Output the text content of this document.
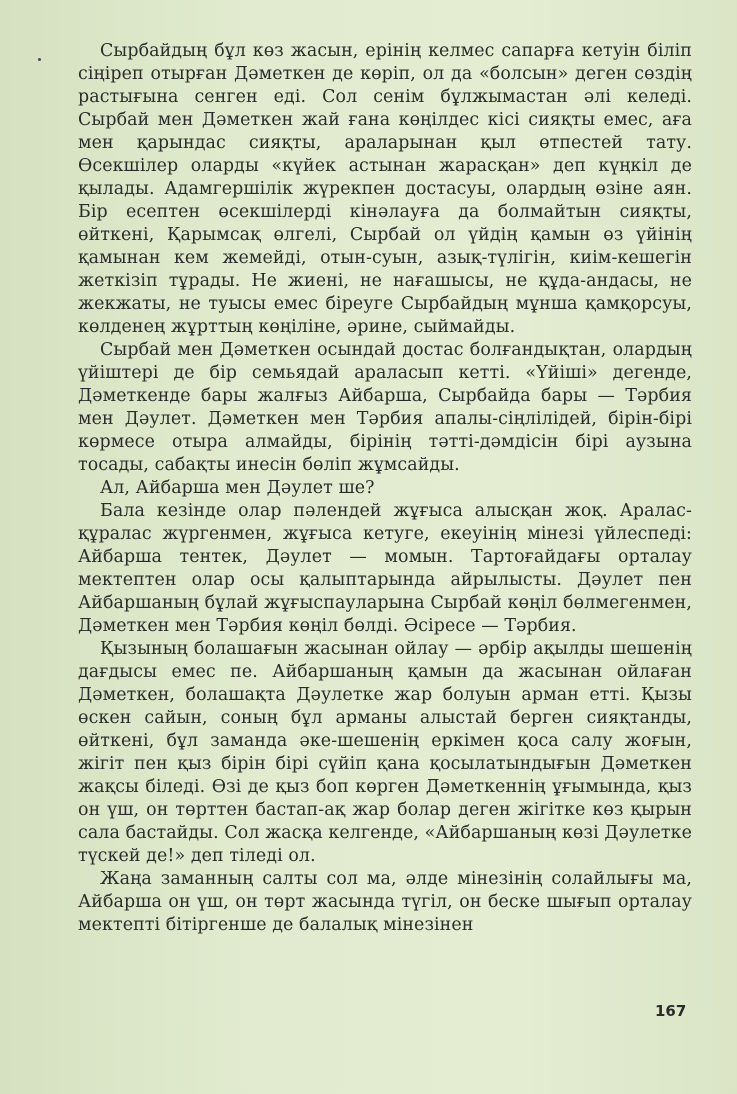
Сырбайдың бұл көз жасын, ерінің келмес сапарға кетуін біліп сіңіреп отырған Дәметкен де көріп, ол да «болсын» деген сөздің растығына сенген еді. Сол сенім бұлжымастан әлі келеді. Сырбай мен Дәметкен жай ғана көңілдес кісі сияқты емес, аға мен қарындас сияқты, араларынан қыл өтпестей тату. Өсекшілер оларды «күйек астынан жарасқан» деп күңкіл де қылады. Адамгершілік жүрекпен достасуы, олардың өзіне аян. Бір есептен өсекшілерді кінәлауға да болмайтын сияқты, өйткені, Қарымсақ өлгелі, Сырбай ол үйдің қамын өз үйінің қамынан кем жемейді, отын-суын, азық-түлігін, киім-кешегін жеткізіп тұрады. Не жиені, не нағашысы, не құда-андасы, не жекжаты, не туысы емес біреуге Сырбайдың мұнша қамқорсуы, көлденең жұрттың көңіліне, әрине, сыймайды.

Сырбай мен Дәметкен осындай достас болғандықтан, олардың үйіштері де бір семьядай араласып кетті. «Үйіші» дегенде, Дәметкенде бары жалғыз Айбарша, Сырбайда бары — Тәрбия мен Дәулет. Дәметкен мен Тәрбия апалы-сіңлілідей, бірін-бірі көрмесе отыра алмайды, бірінің тәтті-дәмдісін бірі аузына тосады, сабақты инесін бөліп жұмсайды.

Ал, Айбарша мен Дәулет ше?

Бала кезінде олар пәлендей жұғыса алысқан жоқ. Аралас-құралас жүргенмен, жұғыса кетуге, екеуінің мінезі үйлеспеді: Айбарша тентек, Дәулет — момын. Тартоғайдағы орталау мектептен олар осы қалыптарында айрылысты. Дәулет пен Айбаршаның бұлай жұғыспауларына Сырбай көңіл бөлмегенмен, Дәметкен мен Тәрбия көңіл бөлді. Әсіресе — Тәрбия.

Қызының болашағын жасынан ойлау — әрбір ақылды шешенің дағдысы емес пе. Айбаршаның қамын да жасынан ойлаған Дәметкен, болашақта Дәулетке жар болуын арман етті. Қызы өскен сайын, соның бұл арманы алыстай берген сияқтанды, өйткені, бұл заманда әке-шешенің еркімен қоса салу жоғын, жігіт пен қыз бірін бірі сүйіп қана қосылатындығын Дәметкен жақсы біледі. Өзі де қыз боп көрген Дәметкеннің ұғымында, қыз он үш, он төрттен бастап-ақ жар болар деген жігітке көз қырын сала бастайды. Сол жасқа келгенде, «Айбаршаның көзі Дәулетке түскей де!» деп тіледі ол.

Жаңа заманның салты сол ма, әлде мінезінің солайлығы ма, Айбарша он үш, он төрт жасында түгіл, он беске шығып орталау мектепті бітіргенше де балалық мінезінен

167
